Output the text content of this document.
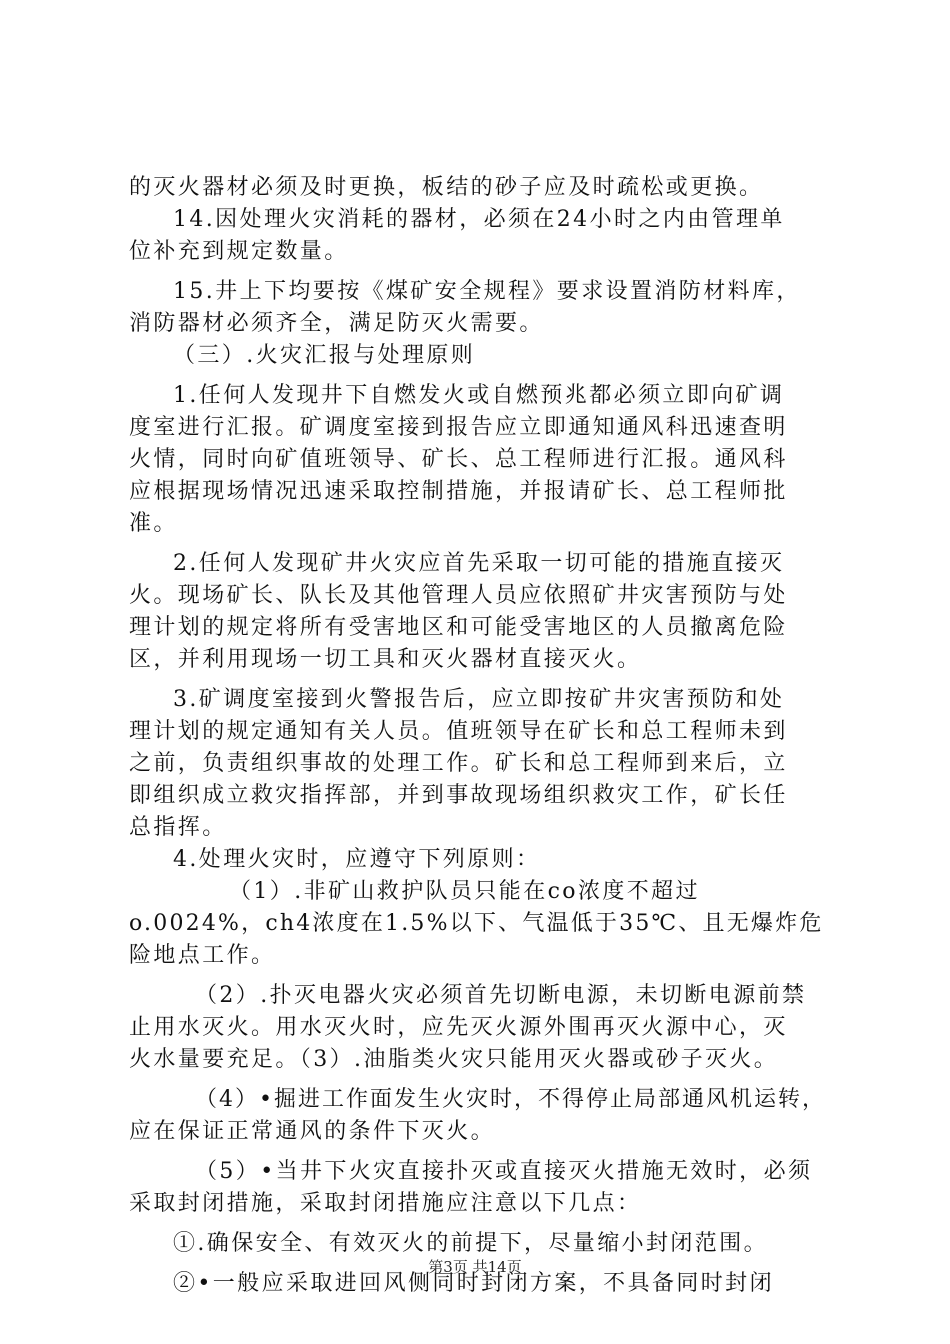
的灭火器材必须及时更换，板结的砂子应及时疏松或更换。
14.因处理火灾消耗的器材，必须在24小时之内由管理单
位补充到规定数量。
15.井上下均要按《煤矿安全规程》要求设置消防材料库，
消防器材必须齐全，满足防灭火需要。
（三）.火灾汇报与处理原则
1.任何人发现井下自燃发火或自燃预兆都必须立即向矿调
度室进行汇报。矿调度室接到报告应立即通知通风科迅速查明
火情，同时向矿值班领导、矿长、总工程师进行汇报。通风科
应根据现场情况迅速采取控制措施，并报请矿长、总工程师批
准。
2.任何人发现矿井火灾应首先采取一切可能的措施直接灭
火。现场矿长、队长及其他管理人员应依照矿井灾害预防与处
理计划的规定将所有受害地区和可能受害地区的人员撤离危险
区，并利用现场一切工具和灭火器材直接灭火。
3.矿调度室接到火警报告后，应立即按矿井灾害预防和处
理计划的规定通知有关人员。值班领导在矿长和总工程师未到
之前，负责组织事故的处理工作。矿长和总工程师到来后，立
即组织成立救灾指挥部，并到事故现场组织救灾工作，矿长任
总指挥。
4.处理火灾时，应遵守下列原则：
（1）.非矿山救护队员只能在co浓度不超过
o.0024%，ch4浓度在1.5%以下、气温低于35℃、且无爆炸危
险地点工作。
（2）.扑灭电器火灾必须首先切断电源，未切断电源前禁
止用水灭火。用水灭火时，应先灭火源外围再灭火源中心，灭
火水量要充足。（3）.油脂类火灾只能用灭火器或砂子灭火。
（4）•掘进工作面发生火灾时，不得停止局部通风机运转，
应在保证正常通风的条件下灭火。
（5）•当井下火灾直接扑灭或直接灭火措施无效时，必须
采取封闭措施，采取封闭措施应注意以下几点：
①.确保安全、有效灭火的前提下，尽量缩小封闭范围。
②•一般应采取进回风侧同时封闭方案，不具备同时封闭
第3页 共14页
